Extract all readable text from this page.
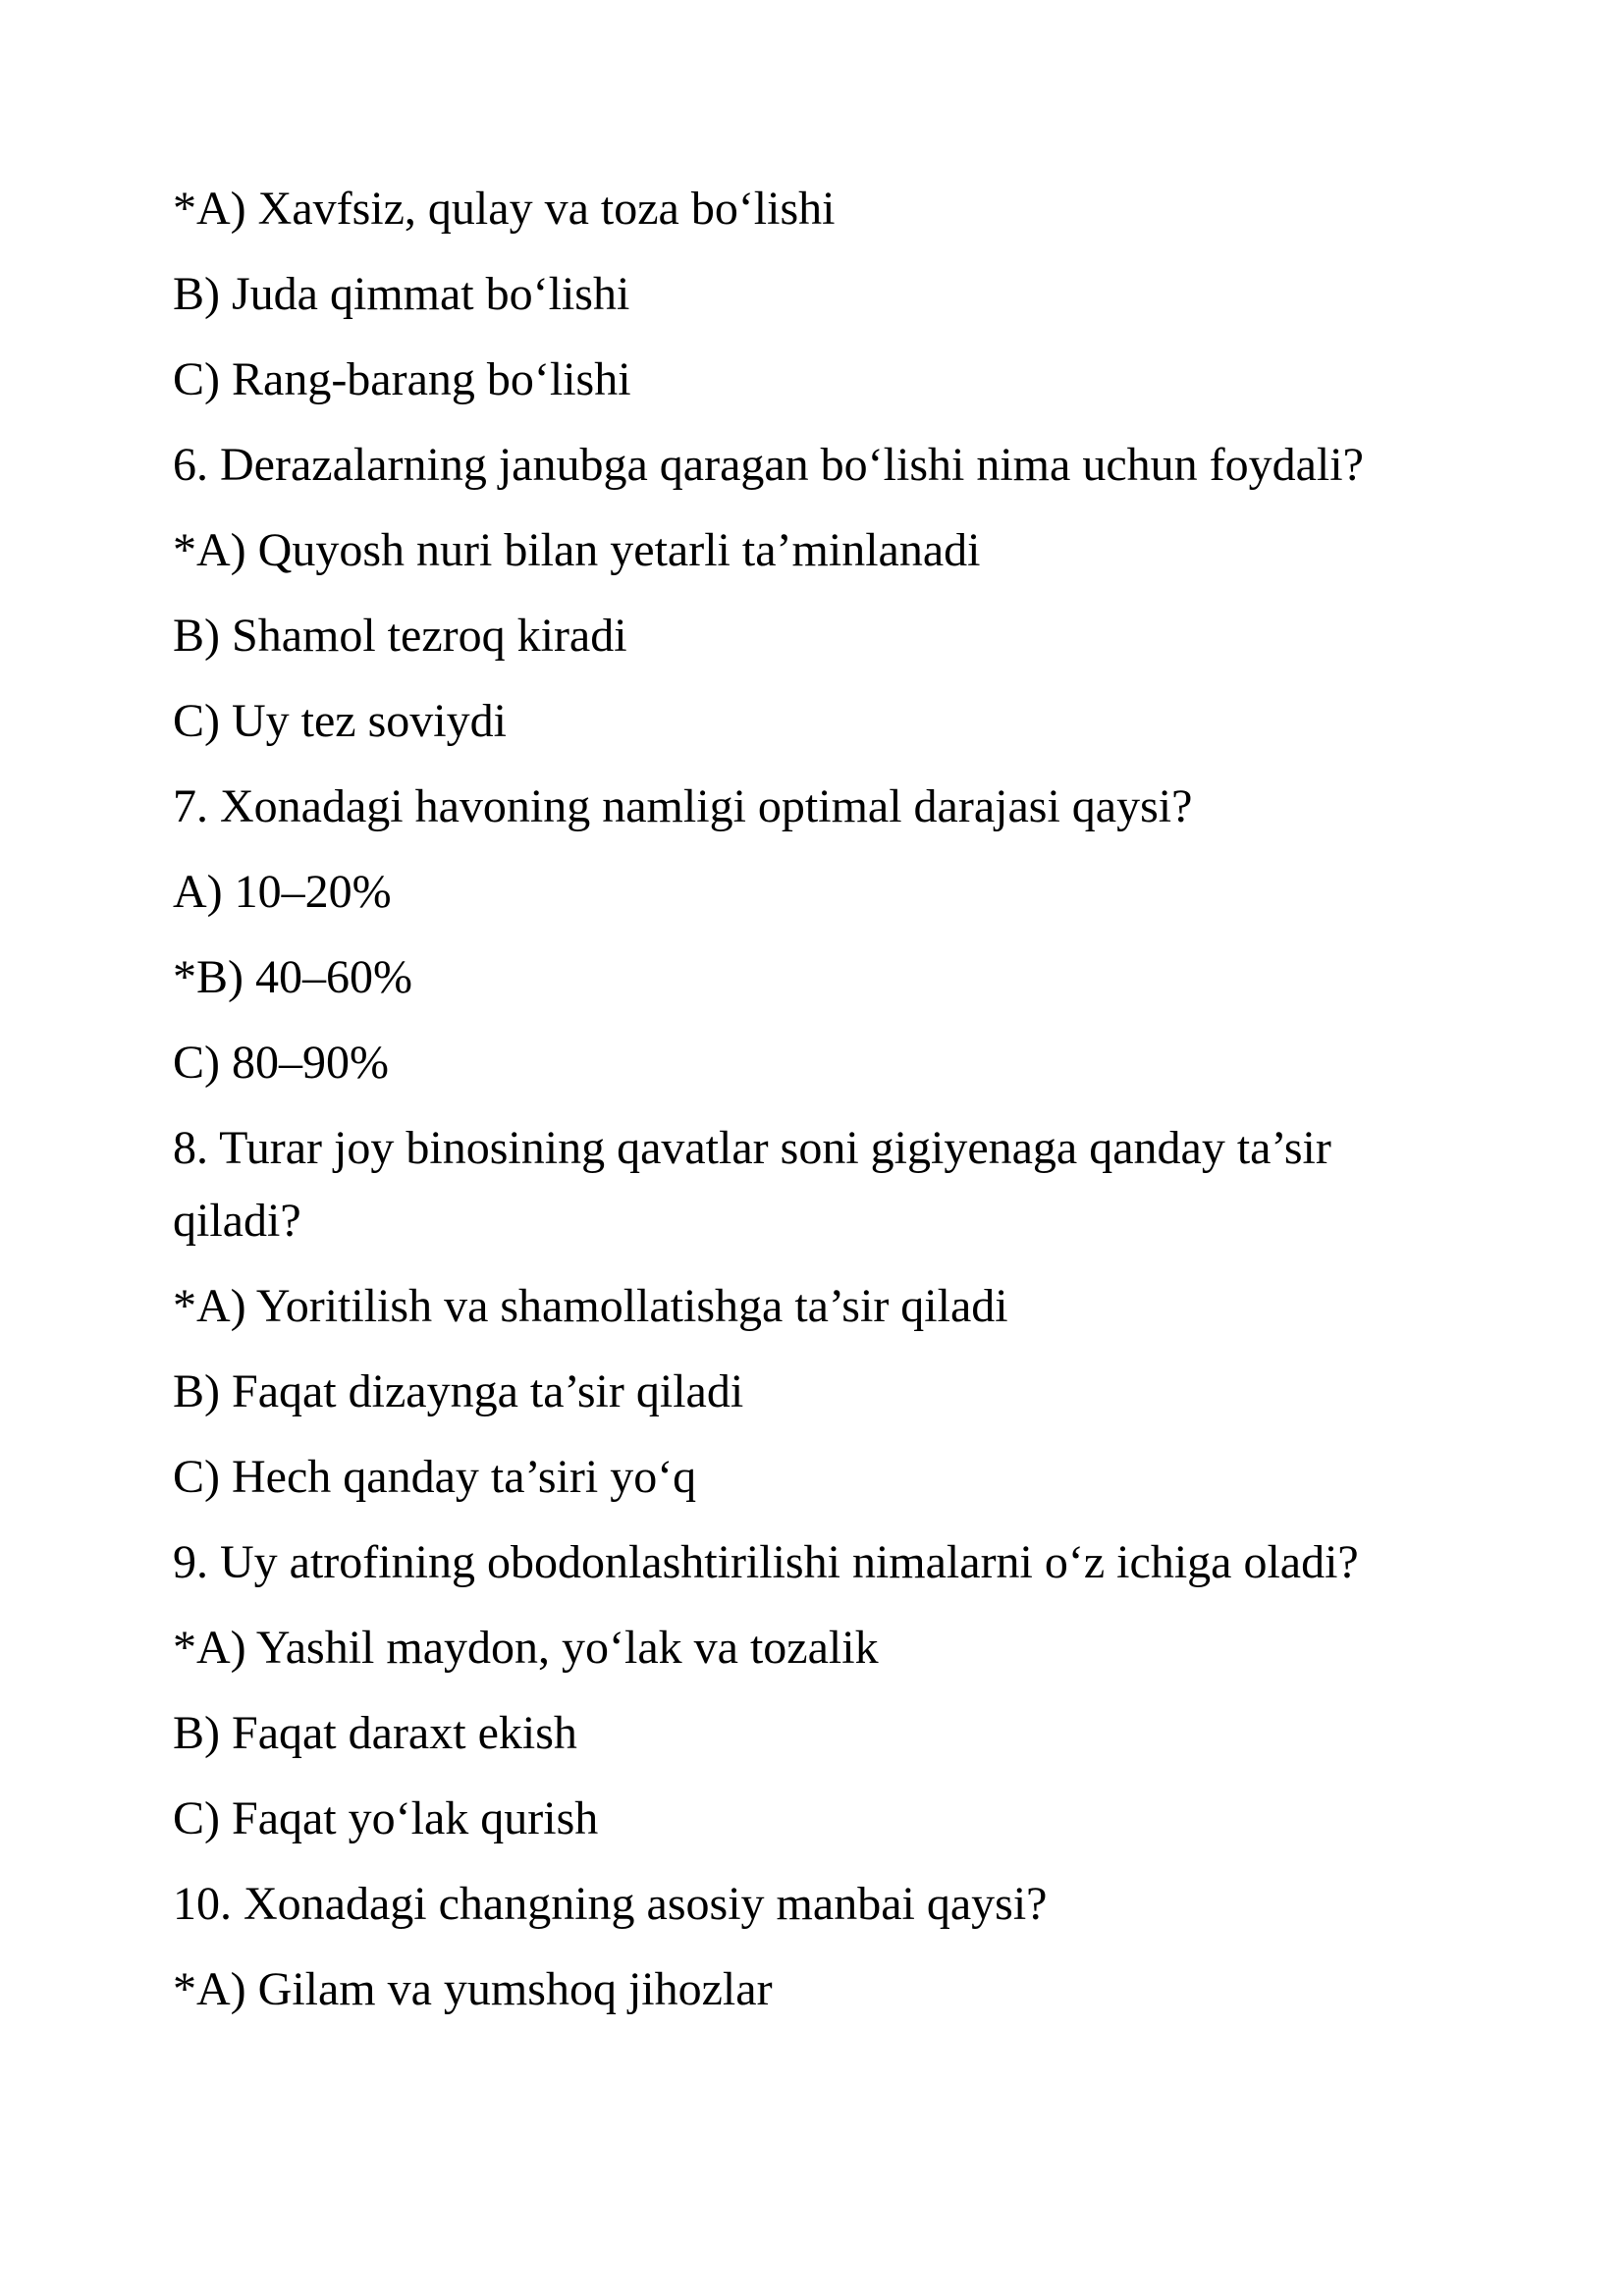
*A) Xavfsiz, qulay va toza bo‘lishi
B) Juda qimmat bo‘lishi
C) Rang-barang bo‘lishi
6. Derazalarning janubga qaragan bo‘lishi nima uchun foydali?
*A) Quyosh nuri bilan yetarli ta’minlanadi
B) Shamol tezroq kiradi
C) Uy tez soviydi
7. Xonadagi havoning namligi optimal darajasi qaysi?
A) 10–20%
*B) 40–60%
C) 80–90%
8. Turar joy binosining qavatlar soni gigiyenaga qanday ta’sir qiladi?
*A) Yoritilish va shamollatishga ta’sir qiladi
B) Faqat dizaynga ta’sir qiladi
C) Hech qanday ta’siri yo‘q
9. Uy atrofining obodonlashtirilishi nimalarni o‘z ichiga oladi?
*A) Yashil maydon, yo‘lak va tozalik
B) Faqat daraxt ekish
C) Faqat yo‘lak qurish
10. Xonadagi changning asosiy manbai qaysi?
*A) Gilam va yumshoq jihozlar
